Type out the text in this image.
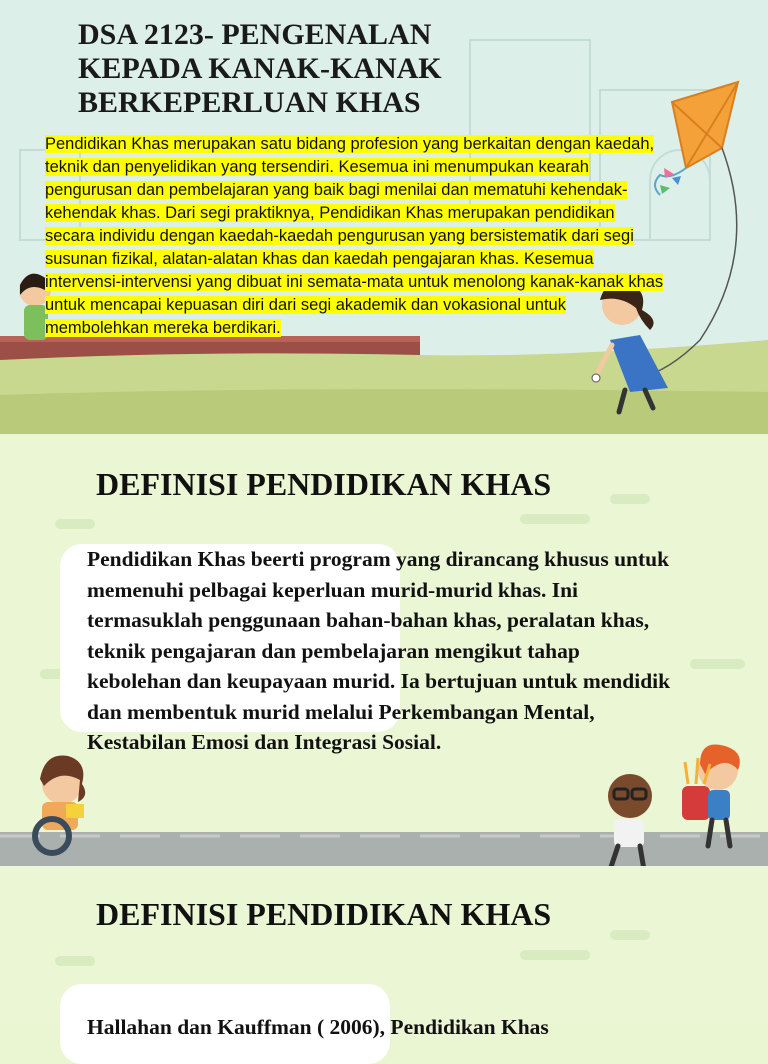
DSA 2123- PENGENALAN KEPADA KANAK-KANAK BERKEPERLUAN KHAS

Pendidikan Khas merupakan satu bidang profesion yang berkaitan dengan kaedah, teknik dan penyelidikan yang tersendiri. Kesemua ini menumpukan kearah pengurusan dan pembelajaran yang baik bagi menilai dan mematuhi kehendak-kehendak khas. Dari segi praktiknya, Pendidikan Khas merupakan pendidikan secara individu dengan kaedah-kaedah pengurusan yang bersistematik dari segi susunan fizikal, alatan-alatan khas dan kaedah pengajaran khas. Kesemua intervensi-intervensi yang dibuat ini semata-mata untuk menolong kanak-kanak khas untuk mencapai kepuasan diri dari segi akademik dan vokasional untuk membolehkan mereka berdikari.

DEFINISI PENDIDIKAN KHAS

Pendidikan Khas beerti program yang dirancang khusus untuk memenuhi pelbagai keperluan murid-murid khas. Ini termasuklah penggunaan bahan-bahan khas, peralatan khas, teknik pengajaran dan pembelajaran mengikut tahap kebolehan dan keupayaan murid. Ia bertujuan untuk mendidik dan membentuk murid melalui Perkembangan Mental, Kestabilan Emosi dan Integrasi Sosial.

DEFINISI PENDIDIKAN KHAS

Hallahan dan Kauffman ( 2006), Pendidikan Khas
